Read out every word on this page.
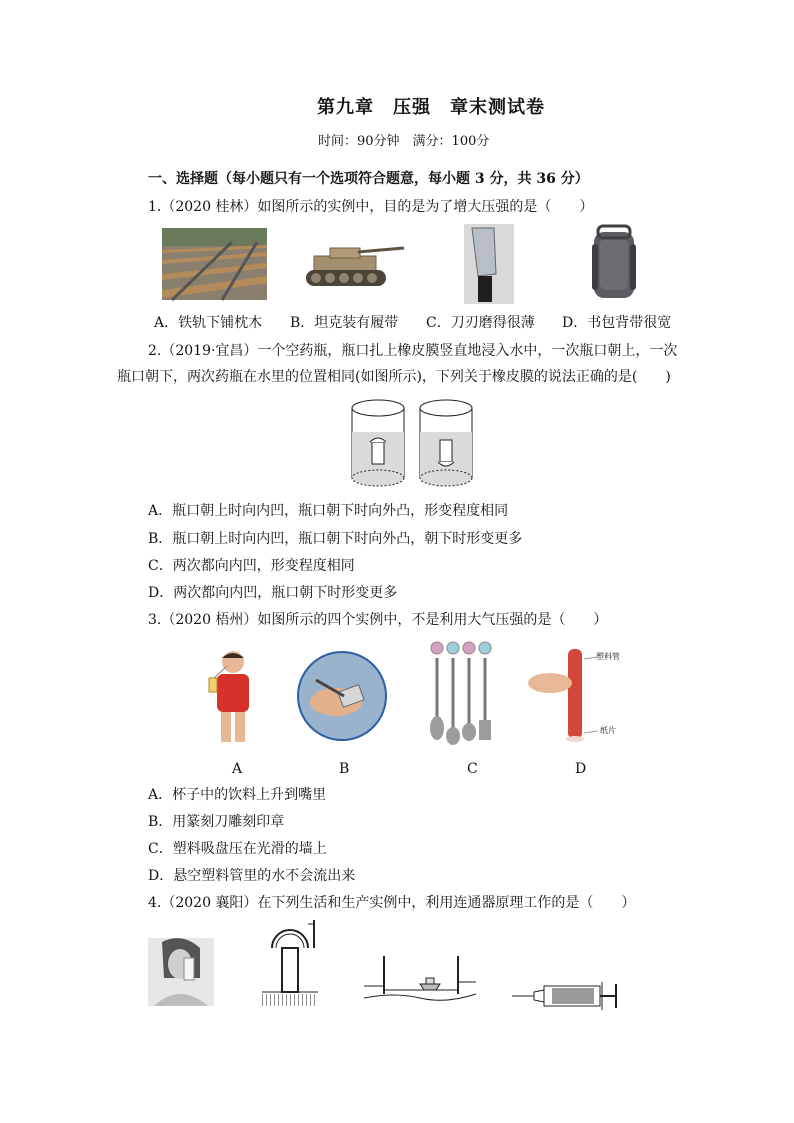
第九章　压强　章末测试卷
时间：90分钟　满分：100分
一、选择题（每小题只有一个选项符合题意，每小题 3 分，共 36 分）
1.（2020 桂林）如图所示的实例中，目的是为了增大压强的是（　　）
A．铁轨下铺枕木 B．坦克装有履带 C．刀刃磨得很薄 D．书包背带很宽
2.（2019·宜昌）一个空药瓶，瓶口扎上橡皮膜竖直地浸入水中，一次瓶口朝上，一次
瓶口朝下，两次药瓶在水里的位置相同(如图所示)，下列关于橡皮膜的说法正确的是(　　)
A．瓶口朝上时向内凹，瓶口朝下时向外凸，形变程度相同
B．瓶口朝上时向内凹，瓶口朝下时向外凸，朝下时形变更多
C．两次都向内凹，形变程度相同
D．两次都向内凹，瓶口朝下时形变更多
3.（2020 梧州）如图所示的四个实例中，不是利用大气压强的是（　　）
塑料管
纸片
A	B	C	D
A．杯子中的饮料上升到嘴里
B．用篆刻刀雕刻印章
C．塑料吸盘压在光滑的墙上
D．悬空塑料管里的水不会流出来
4.（2020 襄阳）在下列生活和生产实例中，利用连通器原理工作的是（　　）
